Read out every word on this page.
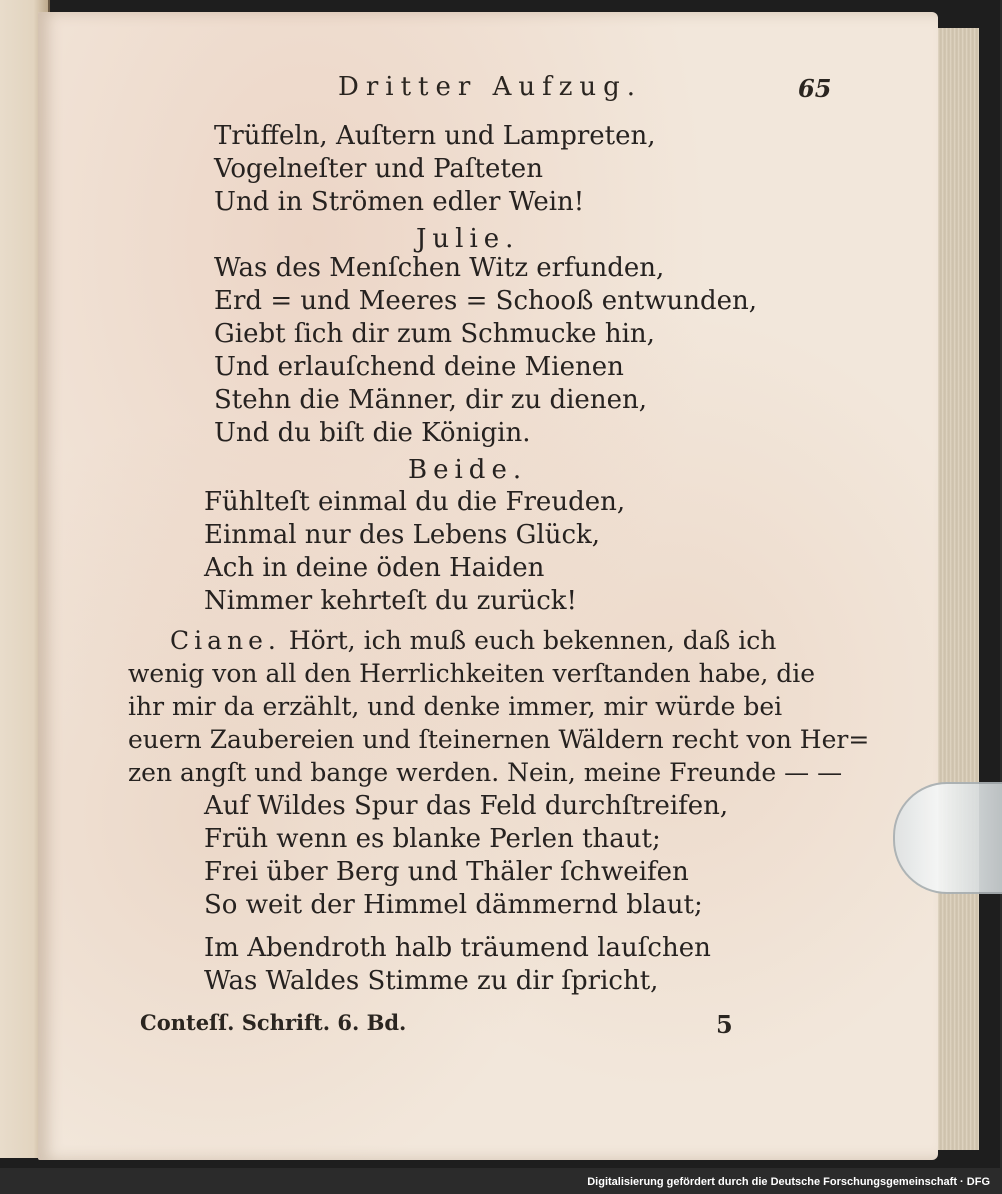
Dritter Aufzug.	65
Trüffeln, Auſtern und Lampreten,
Vogelneſter und Paſteten
Und in Strömen edler Wein!
Julie.
Was des Menſchen Witz erfunden,
Erd = und Meeres = Schooß entwunden,
Giebt ſich dir zum Schmucke hin,
Und erlauſchend deine Mienen
Stehn die Männer, dir zu dienen,
Und du biſt die Königin.
Beide.
Fühlteſt einmal du die Freuden,
Einmal nur des Lebens Glück,
Ach in deine öden Haiden
Nimmer kehrteſt du zurück!
Ciane. Hört, ich muß euch bekennen, daß ich
wenig von all den Herrlichkeiten verſtanden habe, die
ihr mir da erzählt, und denke immer, mir würde bei
euern Zaubereien und ſteinernen Wäldern recht von Her=
zen angſt und bange werden. Nein, meine Freunde — —
Auf Wildes Spur das Feld durchſtreifen,
Früh wenn es blanke Perlen thaut;
Frei über Berg und Thäler ſchweifen
So weit der Himmel dämmernd blaut;
Im Abendroth halb träumend lauſchen
Was Waldes Stimme zu dir ſpricht,
Conteſſ. Schrift. 6. Bd.	5
Digitalisierung gefördert durch die Deutsche Forschungsgemeinschaft · DFG
